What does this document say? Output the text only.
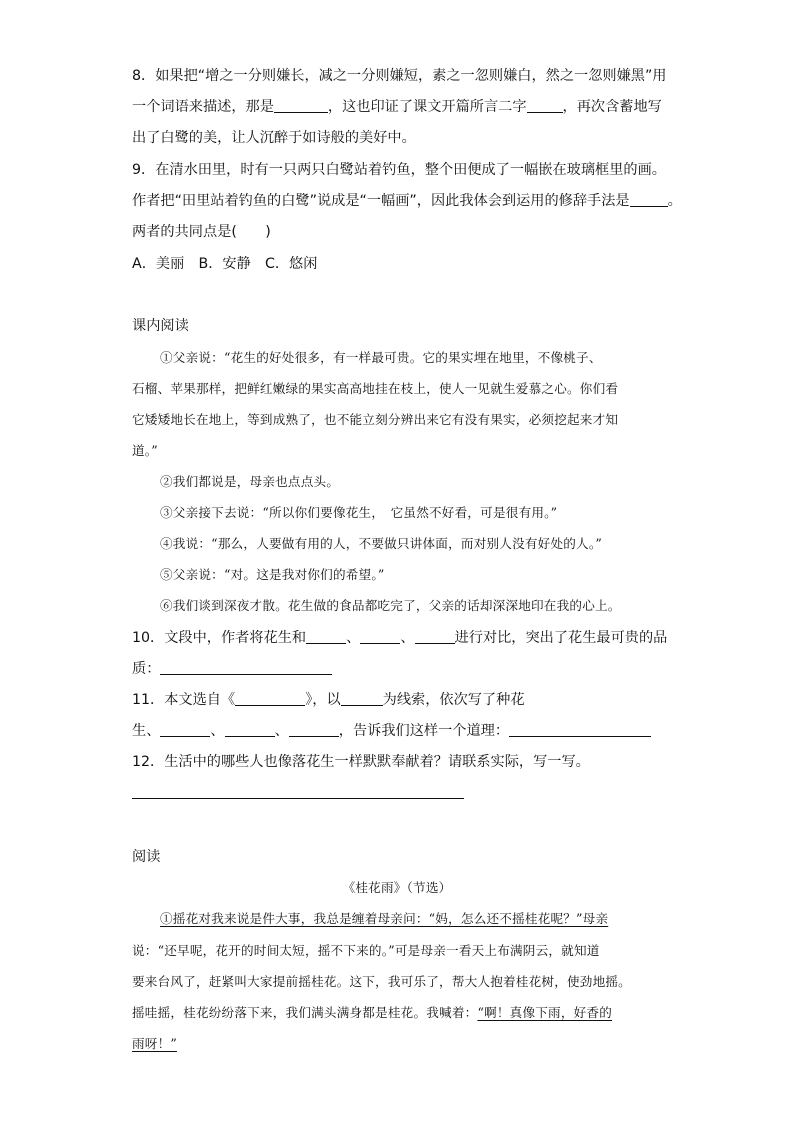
8．如果把“增之一分则嫌长，减之一分则嫌短，素之一忽则嫌白，然之一忽则嫌黑”用
一个词语来描述，那是	，这也印证了课文开篇所言二字	，再次含蓄地写
出了白鹭的美，让人沉醉于如诗般的美好中。
9．在清水田里，时有一只两只白鹭站着钓鱼，整个田便成了一幅嵌在玻璃框里的画。
作者把“田里站着钓鱼的白鹭”说成是“一幅画”，因此我体会到运用的修辞手法是	。
两者的共同点是(　　)
A．美丽　B．安静　C．悠闲
课内阅读
①父亲说：“花生的好处很多，有一样最可贵。它的果实埋在地里，不像桃子、
石榴、苹果那样，把鲜红嫩绿的果实高高地挂在枝上，使人一见就生爱慕之心。你们看
它矮矮地长在地上，等到成熟了，也不能立刻分辨出来它有没有果实，必须挖起来才知
道。”
②我们都说是，母亲也点点头。
③父亲接下去说：“所以你们要像花生，　它虽然不好看，可是很有用。”
④我说：“那么，人要做有用的人，不要做只讲体面，而对别人没有好处的人。”
⑤父亲说：“对。这是我对你们的希望。”
⑥我们谈到深夜才散。花生做的食品都吃完了，父亲的话却深深地印在我的心上。
10．文段中，作者将花生和	、	、	进行对比，突出了花生最可贵的品
质：
11．本文选自《	》，以	为线索，依次写了种花
生、	、	、	，告诉我们这样一个道理：
12．生活中的哪些人也像落花生一样默默奉献着？请联系实际，写一写。
阅读
《桂花雨》（节选）
①摇花对我来说是件大事，我总是缠着母亲问：“妈，怎么还不摇桂花呢？”母亲
说：“还早呢，花开的时间太短，摇不下来的。”可是母亲一看天上布满阴云，就知道
要来台风了，赶紧叫大家提前摇桂花。这下，我可乐了，帮大人抱着桂花树，使劲地摇。
摇哇摇，桂花纷纷落下来，我们满头满身都是桂花。我喊着：“啊！真像下雨，好香的
雨呀！”
